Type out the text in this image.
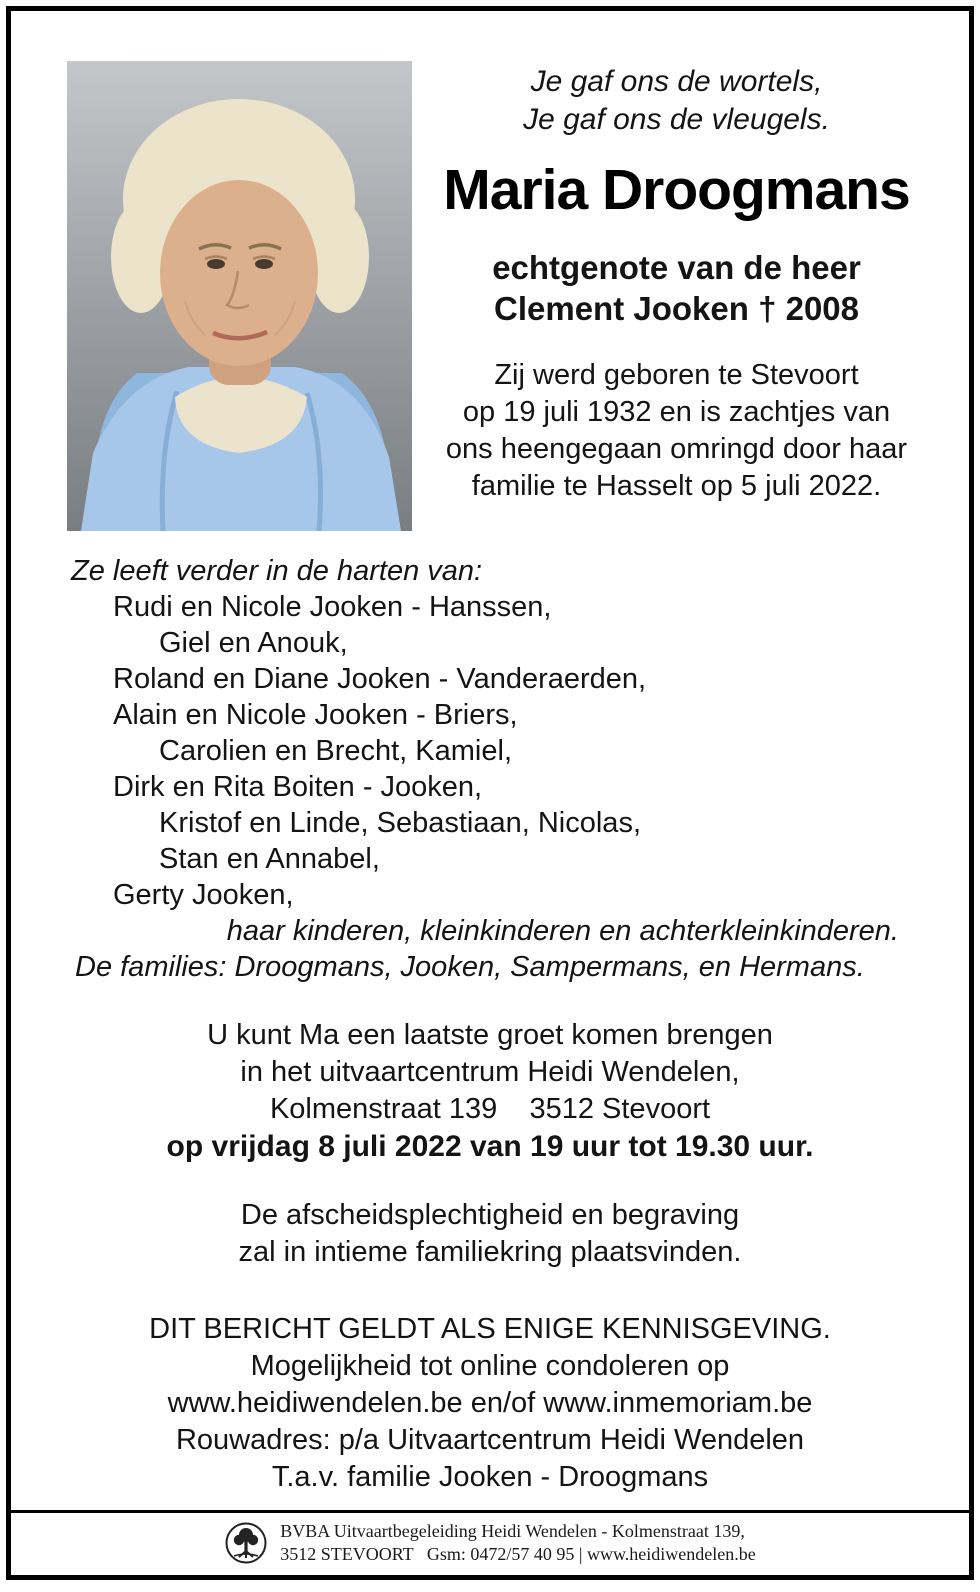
Je gaf ons de wortels,
Je gaf ons de vleugels.
Maria Droogmans
echtgenote van de heer
Clement Jooken † 2008
Zij werd geboren te Stevoort
op 19 juli 1932 en is zachtjes van
ons heengegaan omringd door haar
familie te Hasselt op 5 juli 2022.
Ze leeft verder in de harten van:
Rudi en Nicole Jooken - Hanssen,
Giel en Anouk,
Roland en Diane Jooken - Vanderaerden,
Alain en Nicole Jooken - Briers,
Carolien en Brecht, Kamiel,
Dirk en Rita Boiten - Jooken,
Kristof en Linde, Sebastiaan, Nicolas,
Stan en Annabel,
Gerty Jooken,
haar kinderen, kleinkinderen en achterkleinkinderen.
De families: Droogmans, Jooken, Sampermans, en Hermans.
U kunt Ma een laatste groet komen brengen
in het uitvaartcentrum Heidi Wendelen,
Kolmenstraat 139    3512 Stevoort
op vrijdag 8 juli 2022 van 19 uur tot 19.30 uur.
De afscheidsplechtigheid en begraving
zal in intieme familiekring plaatsvinden.
DIT BERICHT GELDT ALS ENIGE KENNISGEVING.
Mogelijkheid tot online condoleren op
www.heidiwendelen.be en/of www.inmemoriam.be
Rouwadres: p/a Uitvaartcentrum Heidi Wendelen
T.a.v. familie Jooken - Droogmans
BVBA Uitvaartbegeleiding Heidi Wendelen - Kolmenstraat 139,
3512 STEVOORT   Gsm: 0472/57 40 95 | www.heidiwendelen.be
